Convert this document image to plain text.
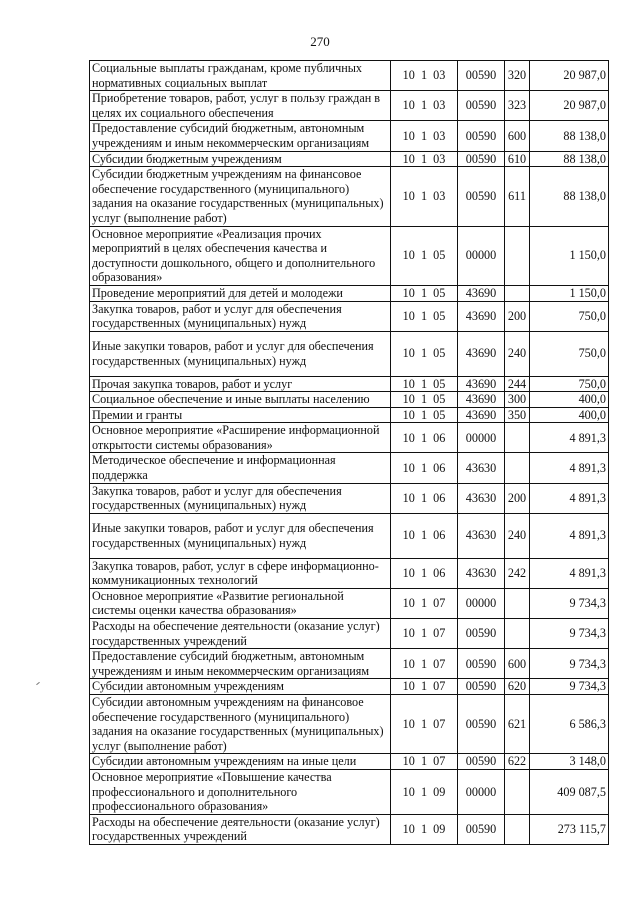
270
Социальные выплаты гражданам, кроме публичных нормативных социальных выплат	10  1  03	00590	320	20 987,0
Приобретение товаров, работ, услуг в пользу граждан в целях их социального обеспечения	10  1  03	00590	323	20 987,0
Предоставление субсидий бюджетным, автономным учреждениям и иным некоммерческим организациям	10  1  03	00590	600	88 138,0
Субсидии бюджетным учреждениям	10  1  03	00590	610	88 138,0
Субсидии бюджетным учреждениям на финансовое обеспечение государственного (муниципального) задания на оказание государственных (муниципальных) услуг (выполнение работ)	10  1  03	00590	611	88 138,0
Основное мероприятие «Реализация прочих мероприятий в целях обеспечения качества и доступности дошкольного, общего и дополнительного образования»	10  1  05	00000		1 150,0
Проведение мероприятий для детей и молодежи	10  1  05	43690		1 150,0
Закупка товаров, работ и услуг для обеспечения государственных (муниципальных) нужд	10  1  05	43690	200	750,0
Иные закупки товаров, работ и услуг для обеспечения государственных (муниципальных) нужд	10  1  05	43690	240	750,0
Прочая закупка товаров, работ и услуг	10  1  05	43690	244	750,0
Социальное обеспечение и иные выплаты населению	10  1  05	43690	300	400,0
Премии и гранты	10  1  05	43690	350	400,0
Основное мероприятие «Расширение информационной открытости системы образования»	10  1  06	00000		4 891,3
Методическое обеспечение и информационная поддержка	10  1  06	43630		4 891,3
Закупка товаров, работ и услуг для обеспечения государственных (муниципальных) нужд	10  1  06	43630	200	4 891,3
Иные закупки товаров, работ и услуг для обеспечения государственных (муниципальных) нужд	10  1  06	43630	240	4 891,3
Закупка товаров, работ, услуг в сфере информационно-коммуникационных технологий	10  1  06	43630	242	4 891,3
Основное мероприятие «Развитие региональной системы оценки качества образования»	10  1  07	00000		9 734,3
Расходы на обеспечение деятельности (оказание услуг) государственных учреждений	10  1  07	00590		9 734,3
Предоставление субсидий бюджетным, автономным учреждениям и иным некоммерческим организациям	10  1  07	00590	600	9 734,3
Субсидии автономным учреждениям	10  1  07	00590	620	9 734,3
Субсидии автономным учреждениям на финансовое обеспечение государственного (муниципального) задания на оказание государственных (муниципальных) услуг (выполнение работ)	10  1  07	00590	621	6 586,3
Субсидии автономным учреждениям на иные цели	10  1  07	00590	622	3 148,0
Основное мероприятие «Повышение качества профессионального и дополнительного профессионального образования»	10  1  09	00000		409 087,5
Расходы на обеспечение деятельности (оказание услуг) государственных учреждений	10  1  09	00590		273 115,7
